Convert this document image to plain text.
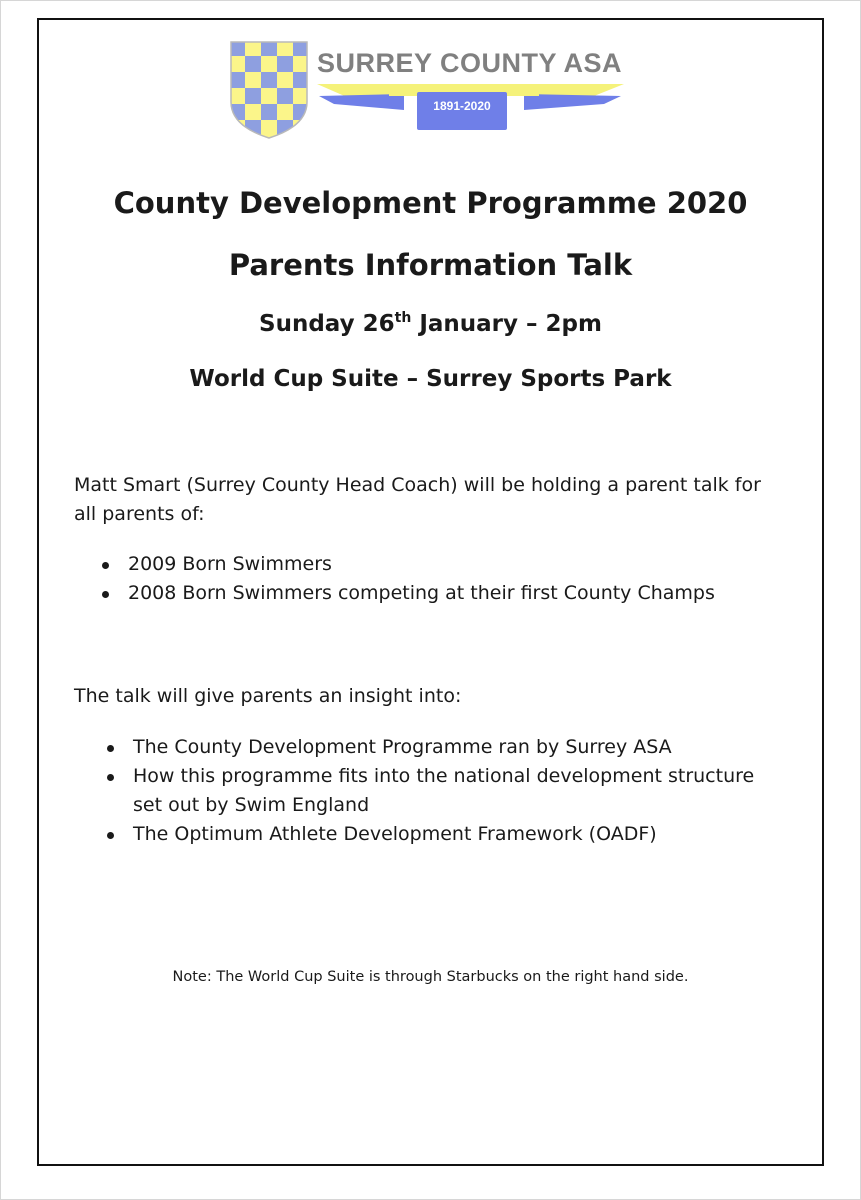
SURREY COUNTY ASA
1891-2020
County Development Programme 2020
Parents Information Talk
Sunday 26th January – 2pm
World Cup Suite – Surrey Sports Park
Matt Smart (Surrey County Head Coach) will be holding a parent talk for all parents of:
2009 Born Swimmers
2008 Born Swimmers competing at their first County Champs
The talk will give parents an insight into:
The County Development Programme ran by Surrey ASA
How this programme fits into the national development structure set out by Swim England
The Optimum Athlete Development Framework (OADF)
Note: The World Cup Suite is through Starbucks on the right hand side.
